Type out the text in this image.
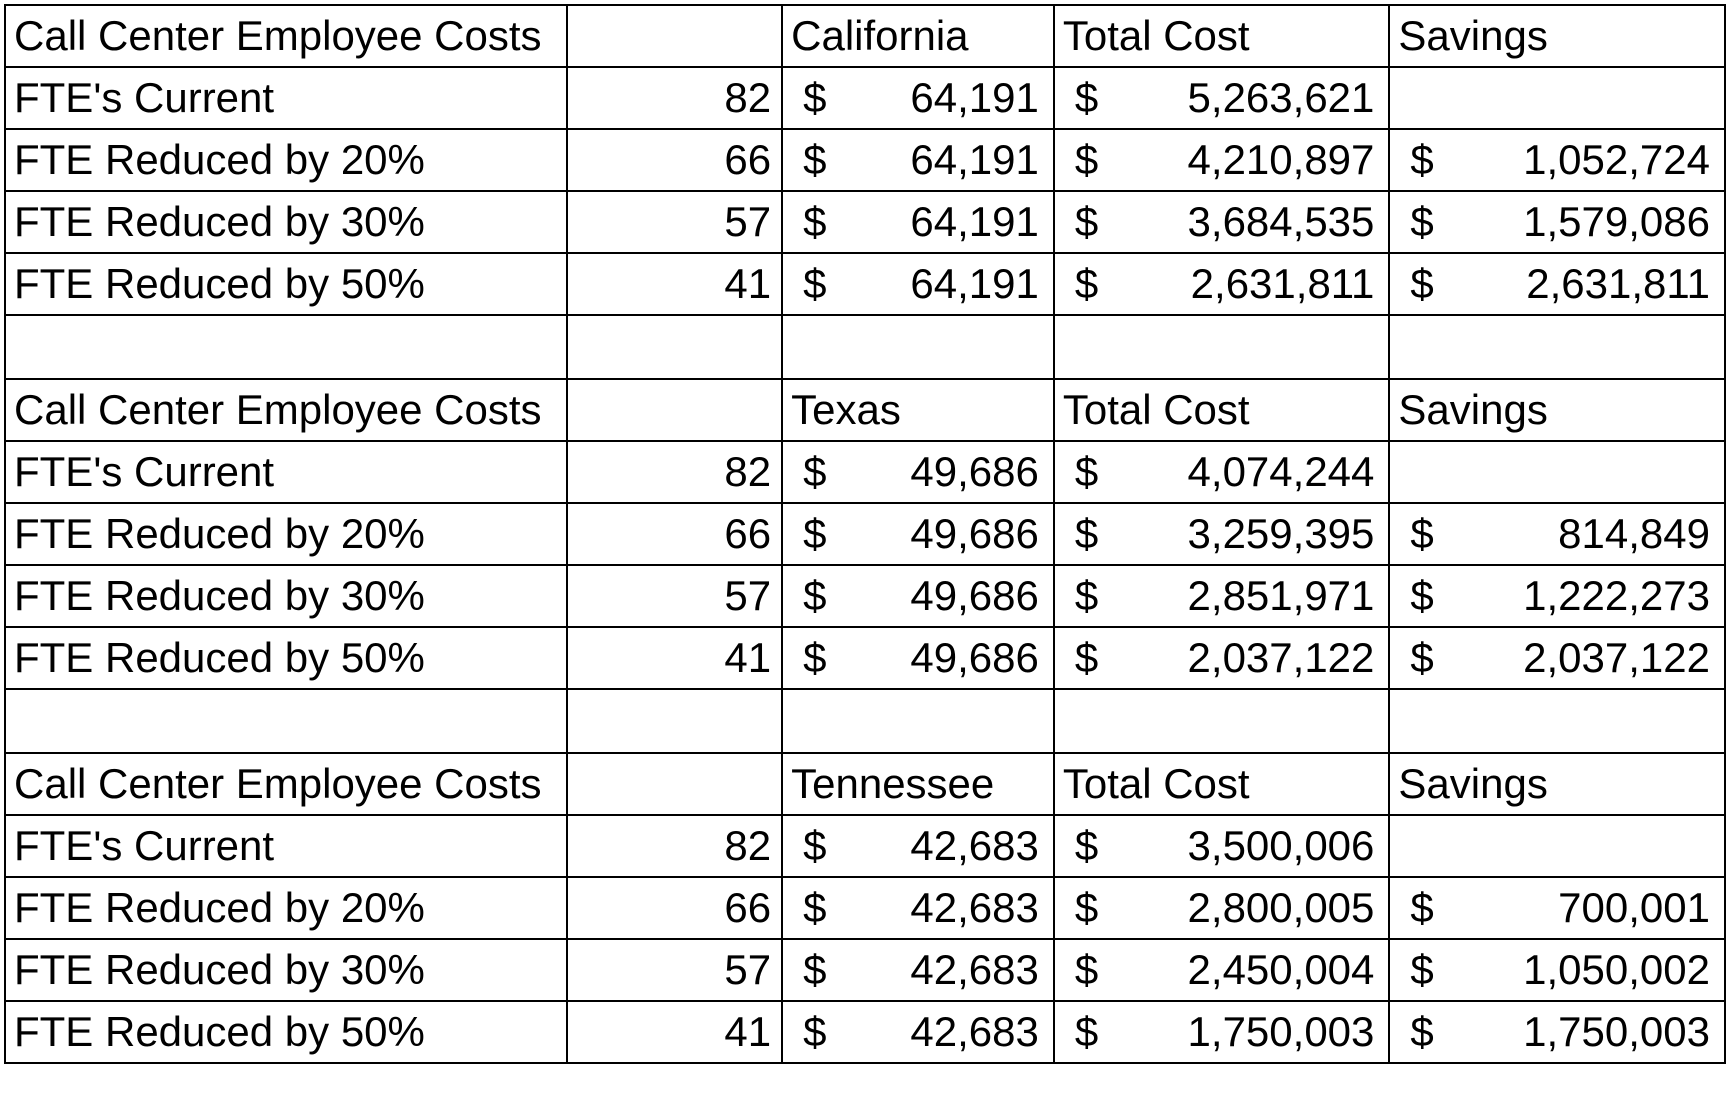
Call Center Employee Costs		California	Total Cost	Savings
FTE's Current	82	$ 64,191	$ 5,263,621	

FTE Reduced by 20%	66	$ 64,191	$ 4,210,897	$ 1,052,724

FTE Reduced by 30%	57	$ 64,191	$ 3,684,535	$ 1,579,086

FTE Reduced by 50%	41	$ 64,191	$ 2,631,811	$ 2,631,811

Call Center Employee Costs		Texas	Total Cost	Savings
FTE's Current	82	$ 49,686	$ 4,074,244	

FTE Reduced by 20%	66	$ 49,686	$ 3,259,395	$ 814,849

FTE Reduced by 30%	57	$ 49,686	$ 2,851,971	$ 1,222,273

FTE Reduced by 50%	41	$ 49,686	$ 2,037,122	$ 2,037,122

Call Center Employee Costs		Tennessee	Total Cost	Savings
FTE's Current	82	$ 42,683	$ 3,500,006	

FTE Reduced by 20%	66	$ 42,683	$ 2,800,005	$ 700,001

FTE Reduced by 30%	57	$ 42,683	$ 2,450,004	$ 1,050,002

FTE Reduced by 50%	41	$ 42,683	$ 1,750,003	$ 1,750,003
